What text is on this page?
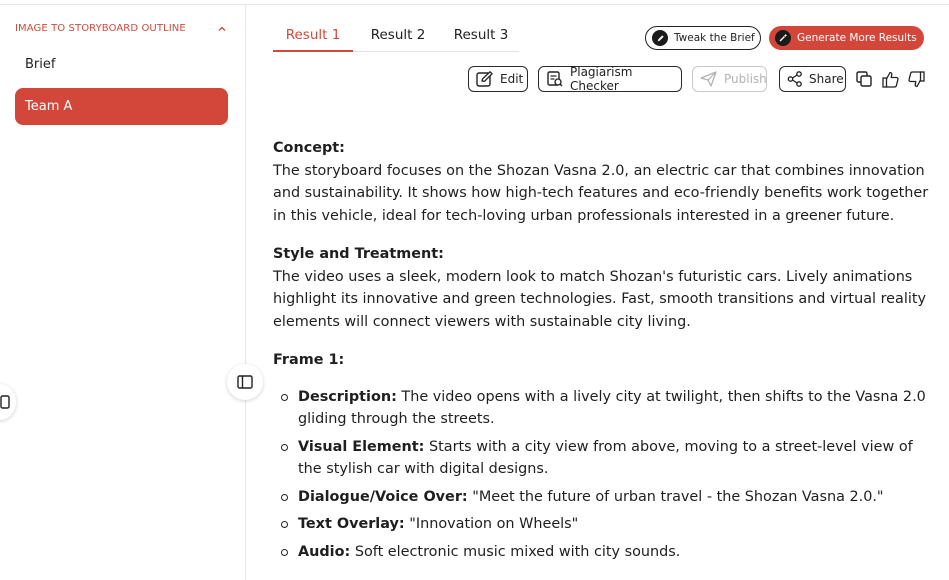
IMAGE TO STORYBOARD OUTLINE
Brief
Team A
Result 1	Result 2	Result 3	Tweak the Brief	Generate More Results
Edit	Plagiarism Checker	Publish	Share
Concept:

The storyboard focuses on the Shozan Vasna 2.0, an electric car that combines innovation and sustainability. It shows how high-tech features and eco-friendly benefits work together in this vehicle, ideal for tech-loving urban professionals interested in a greener future.

Style and Treatment:

The video uses a sleek, modern look to match Shozan's futuristic cars. Lively animations highlight its innovative and green technologies. Fast, smooth transitions and virtual reality elements will connect viewers with sustainable city living.

Frame 1:
Description: The video opens with a lively city at twilight, then shifts to the Vasna 2.0 gliding through the streets.
Visual Element: Starts with a city view from above, moving to a street-level view of the stylish car with digital designs.
Dialogue/Voice Over: "Meet the future of urban travel - the Shozan Vasna 2.0."
Text Overlay: "Innovation on Wheels"
Audio: Soft electronic music mixed with city sounds.
